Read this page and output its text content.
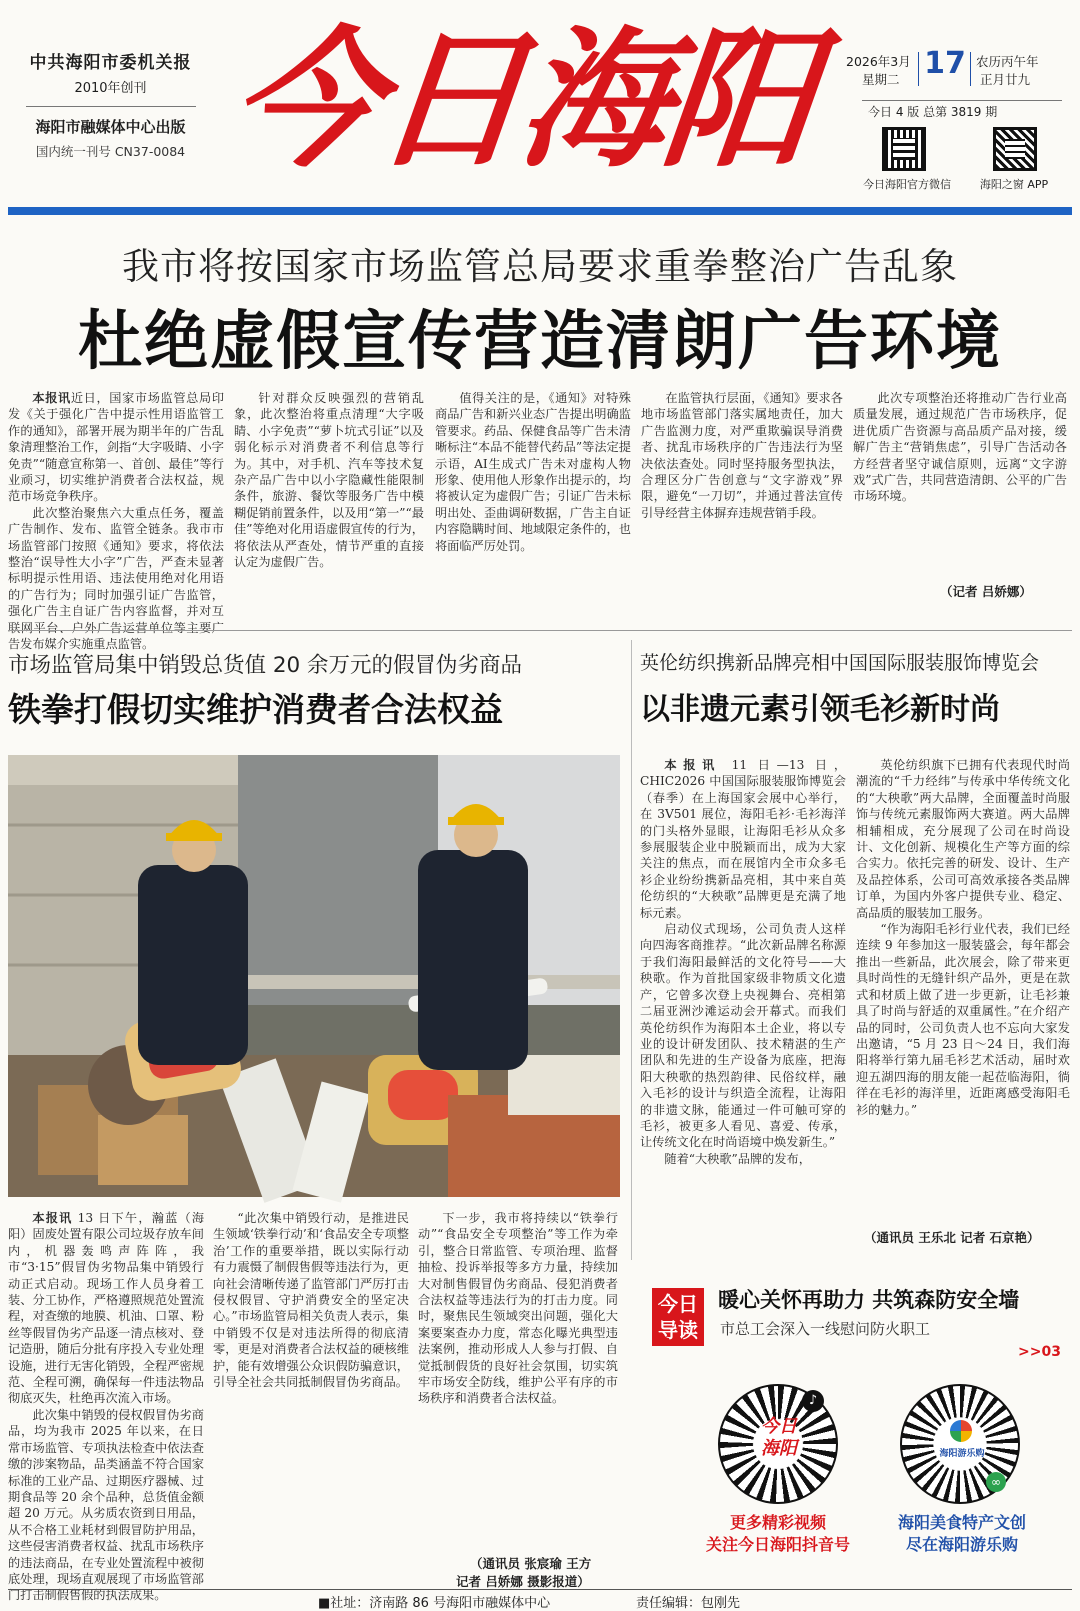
中共海阳市委机关报
2010年创刊
海阳市融媒体中心出版
国内统一刊号 CN37-0084 今日海阳	2026年3月
星期二 17 农历丙午年
正月廿九
今日 4 版 总第 3819 期
今日海阳官方微信	海阳之窗 APP
我市将按国家市场监管总局要求重拳整治广告乱象
杜绝虚假宣传营造清朗广告环境

本报讯近日，国家市场监管总局印发《关于强化广告中提示性用语监管工作的通知》，部署开展为期半年的广告乱象清理整治工作，剑指“大字吸睛、小字免责”“随意宣称第一、首创、最佳”等行业顽习，切实维护消费者合法权益，规范市场竞争秩序。

此次整治聚焦六大重点任务，覆盖广告制作、发布、监管全链条。我市市场监管部门按照《通知》要求，将依法整治“误导性大小字”广告，严查未显著标明提示性用语、违法使用绝对化用语的广告行为；同时加强引证广告监管，强化广告主自证广告内容监督，并对互联网平台、户外广告运营单位等主要广告发布媒介实施重点监管。

针对群众反映强烈的营销乱象，此次整治将重点清理“大字吸睛、小字免责”“萝卜坑式引证”以及弱化标示对消费者不利信息等行为。其中，对手机、汽车等技术复杂产品广告中以小字隐藏性能限制条件，旅游、餐饮等服务广告中模糊促销前置条件，以及用“第一”“最佳”等绝对化用语虚假宣传的行为，将依法从严查处，情节严重的直接认定为虚假广告。

值得关注的是，《通知》对特殊商品广告和新兴业态广告提出明确监管要求。药品、保健食品等广告未清晰标注“本品不能替代药品”等法定提示语，AI生成式广告未对虚构人物形象、使用他人形象作出提示的，均将被认定为虚假广告；引证广告未标明出处、歪曲调研数据，广告主自证内容隐瞒时间、地域限定条件的，也将面临严厉处罚。

在监管执行层面，《通知》要求各地市场监管部门落实属地责任，加大广告监测力度，对严重欺骗误导消费者、扰乱市场秩序的广告违法行为坚决依法查处。同时坚持服务型执法，合理区分广告创意与“文字游戏”界限，避免“一刀切”，并通过普法宣传引导经营主体摒弃违规营销手段。

此次专项整治还将推动广告行业高质量发展，通过规范广告市场秩序，促进优质广告资源与高品质产品对接，缓解广告主“营销焦虑”，引导广告活动各方经营者坚守诚信原则，远离“文字游戏”式广告，共同营造清朗、公平的广告市场环境。

（记者 吕娇娜）
市场监管局集中销毁总货值 20 余万元的假冒伪劣商品
铁拳打假切实维护消费者合法权益

本报讯 13 日下午，瀚蓝（海阳）固废处置有限公司垃圾存放车间内，机器轰鸣声阵阵，我市“3·15”假冒伪劣物品集中销毁行动正式启动。现场工作人员身着工装、分工协作，严格遵照规范处置流程，对查缴的地膜、机油、口罩、粉丝等假冒伪劣产品逐一清点核对、登记造册，随后分批有序投入专业处理设施，进行无害化销毁，全程严密规范、全程可溯，确保每一件违法物品彻底灭失，杜绝再次流入市场。

此次集中销毁的侵权假冒伪劣商品，均为我市 2025 年以来，在日常市场监管、专项执法检查中依法查缴的涉案物品，品类涵盖不符合国家标准的工业产品、过期医疗器械、过期食品等 20 余个品种，总货值金额超 20 万元。从劣质农资到日用品，从不合格工业耗材到假冒防护用品，这些侵害消费者权益、扰乱市场秩序的违法商品，在专业处置流程中被彻底处理，现场直观展现了市场监管部门打击制假售假的执法成果。

“此次集中销毁行动，是推进民生领域‘铁拳行动’和‘食品安全专项整治’工作的重要举措，既以实际行动有力震慑了制假售假等违法行为，更向社会清晰传递了监管部门严厉打击侵权假冒、守护消费安全的坚定决心。”市场监管局相关负责人表示，集中销毁不仅是对违法所得的彻底清零，更是对消费者合法权益的硬核维护，能有效增强公众识假防骗意识，引导全社会共同抵制假冒伪劣商品。

下一步，我市将持续以“铁拳行动”“食品安全专项整治”等工作为牵引，整合日常监管、专项治理、监督抽检、投诉举报等多方力量，持续加大对制售假冒伪劣商品、侵犯消费者合法权益等违法行为的打击力度。同时，聚焦民生领域突出问题，强化大案要案查办力度，常态化曝光典型违法案例，推动形成人人参与打假、自觉抵制假货的良好社会氛围，切实筑牢市场安全防线，维护公平有序的市场秩序和消费者合法权益。

（通讯员 张宸瑜 王方
记者 吕娇娜 摄影报道）
英伦纺织携新品牌亮相中国国际服装服饰博览会
以非遗元素引领毛衫新时尚

本报讯 11 日—13 日，CHIC2026 中国国际服装服饰博览会（春季）在上海国家会展中心举行，在 3V501 展位，海阳毛衫·毛衫海洋的门头格外显眼，让海阳毛衫从众多参展服装企业中脱颖而出，成为大家关注的焦点，而在展馆内全市众多毛衫企业纷纷携新品亮相，其中来自英伦纺织的“大秧歌”品牌更是充满了地标元素。

启动仪式现场，公司负责人这样向四海客商推荐。“此次新品牌名称源于我们海阳最鲜活的文化符号——大秧歌。作为首批国家级非物质文化遗产，它曾多次登上央视舞台、亮相第二届亚洲沙滩运动会开幕式。而我们英伦纺织作为海阳本土企业，将以专业的设计研发团队、技术精湛的生产团队和先进的生产设备为底座，把海阳大秧歌的热烈韵律、民俗纹样，融入毛衫的设计与织造全流程，让海阳的非遗文脉，能通过一件可触可穿的毛衫，被更多人看见、喜爱、传承，让传统文化在时尚语境中焕发新生。”

随着“大秧歌”品牌的发布，

英伦纺织旗下已拥有代表现代时尚潮流的“千力经纬”与传承中华传统文化的“大秧歌”两大品牌，全面覆盖时尚服饰与传统元素服饰两大赛道。两大品牌相辅相成，充分展现了公司在时尚设计、文化创新、规模化生产等方面的综合实力。依托完善的研发、设计、生产及品控体系，公司可高效承接各类品牌订单，为国内外客户提供专业、稳定、高品质的服装加工服务。

“作为海阳毛衫行业代表，我们已经连续 9 年参加这一服装盛会，每年都会推出一些新品，此次展会，除了带来更具时尚性的无缝针织产品外，更是在款式和材质上做了进一步更新，让毛衫兼具了时尚与舒适的双重属性。”在介绍产品的同时，公司负责人也不忘向大家发出邀请，“5 月 23 日～24 日，我们海阳将举行第九届毛衫艺术活动，届时欢迎五湖四海的朋友能一起莅临海阳，徜徉在毛衫的海洋里，近距离感受海阳毛衫的魅力。”

（通讯员 王乐北 记者 石京艳）
今日
导读
暖心关怀再助力 共筑森防安全墙
市总工会深入一线慰问防火职工
>>03
今日
海阳
♪
海阳游乐购
∞
更多精彩视频
关注今日海阳抖音号
海阳美食特产文创
尽在海阳游乐购
■社址：济南路 86 号海阳市融媒体中心	责任编辑：包刚先
